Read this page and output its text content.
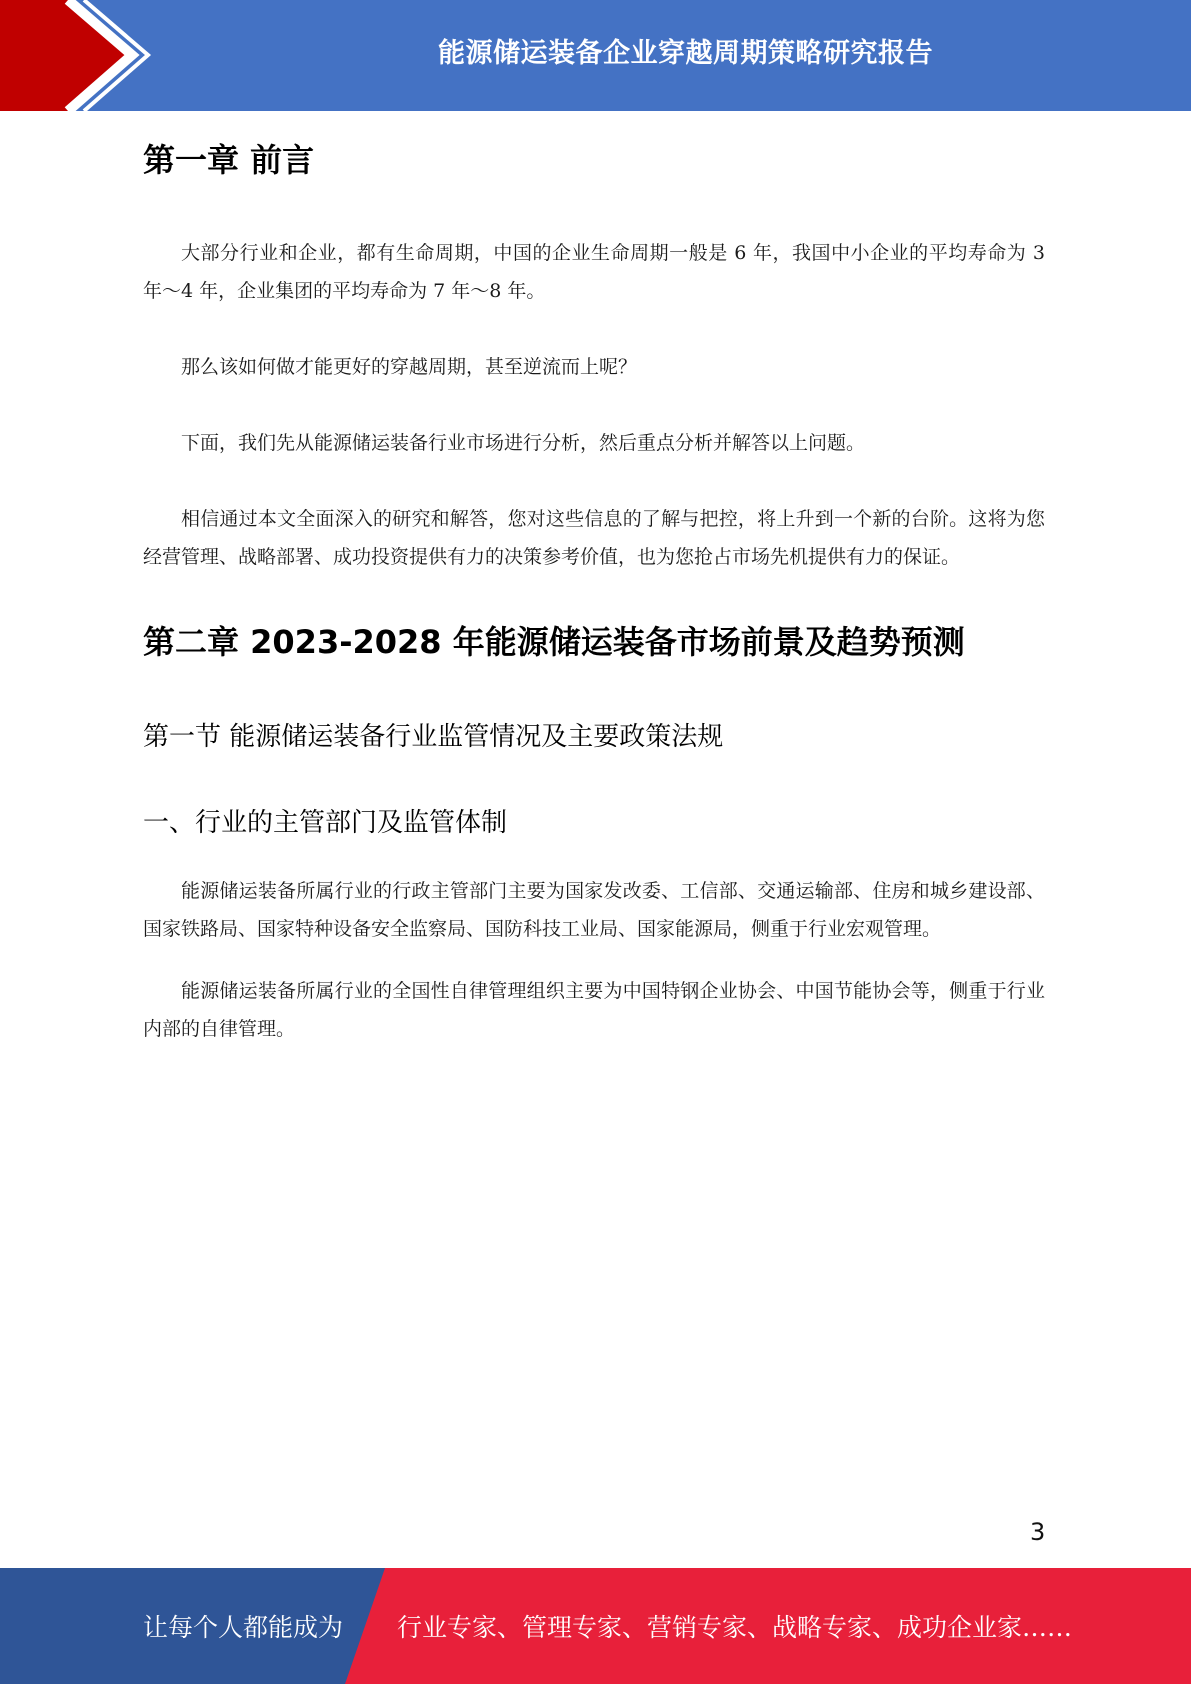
能源储运装备企业穿越周期策略研究报告
第一章 前言

大部分行业和企业，都有生命周期，中国的企业生命周期一般是 6 年，我国中小企业的平均寿命为 3 年～4 年，企业集团的平均寿命为 7 年～8 年。

那么该如何做才能更好的穿越周期，甚至逆流而上呢？

下面，我们先从能源储运装备行业市场进行分析，然后重点分析并解答以上问题。

相信通过本文全面深入的研究和解答，您对这些信息的了解与把控，将上升到一个新的台阶。这将为您经营管理、战略部署、成功投资提供有力的决策参考价值，也为您抢占市场先机提供有力的保证。

第二章 2023-2028 年能源储运装备市场前景及趋势预测
第一节 能源储运装备行业监管情况及主要政策法规
一、行业的主管部门及监管体制

能源储运装备所属行业的行政主管部门主要为国家发改委、工信部、交通运输部、住房和城乡建设部、国家铁路局、国家特种设备安全监察局、国防科技工业局、国家能源局，侧重于行业宏观管理。

能源储运装备所属行业的全国性自律管理组织主要为中国特钢企业协会、中国节能协会等，侧重于行业内部的自律管理。

3
让每个人都能成为 行业专家、管理专家、营销专家、战略专家、成功企业家……
